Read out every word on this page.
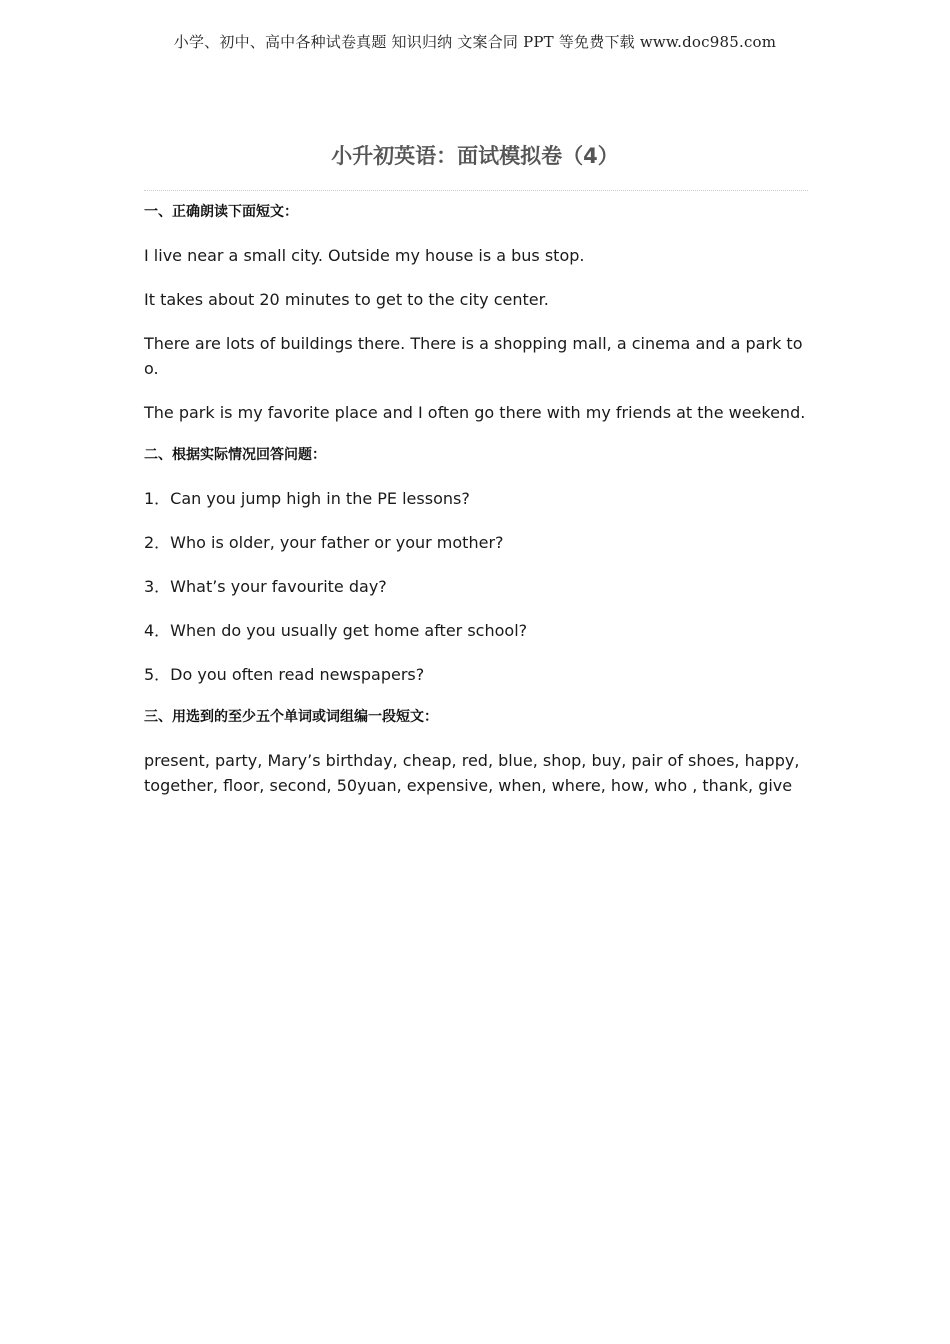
小学、初中、高中各种试卷真题 知识归纳 文案合同 PPT 等免费下载 www.doc985.com
小升初英语：面试模拟卷（4）

一、正确朗读下面短文：

I live near a small city. Outside my house is a bus stop.

It takes about 20 minutes to get to the city center.

There are lots of buildings there. There is a shopping mall, a cinema and a park too.

The park is my favorite place and I often go there with my friends at the weekend.

二、根据实际情况回答问题：

1．Can you jump high in the PE lessons?

2．Who is older, your father or your mother?

3．What’s your favourite day?

4．When do you usually get home after school?

5．Do you often read newspapers?

三、用选到的至少五个单词或词组编一段短文：

present, party, Mary’s birthday, cheap, red, blue, shop, buy, pair of shoes, happy, together, floor, second, 50yuan, expensive, when, where, how, who , thank, give
